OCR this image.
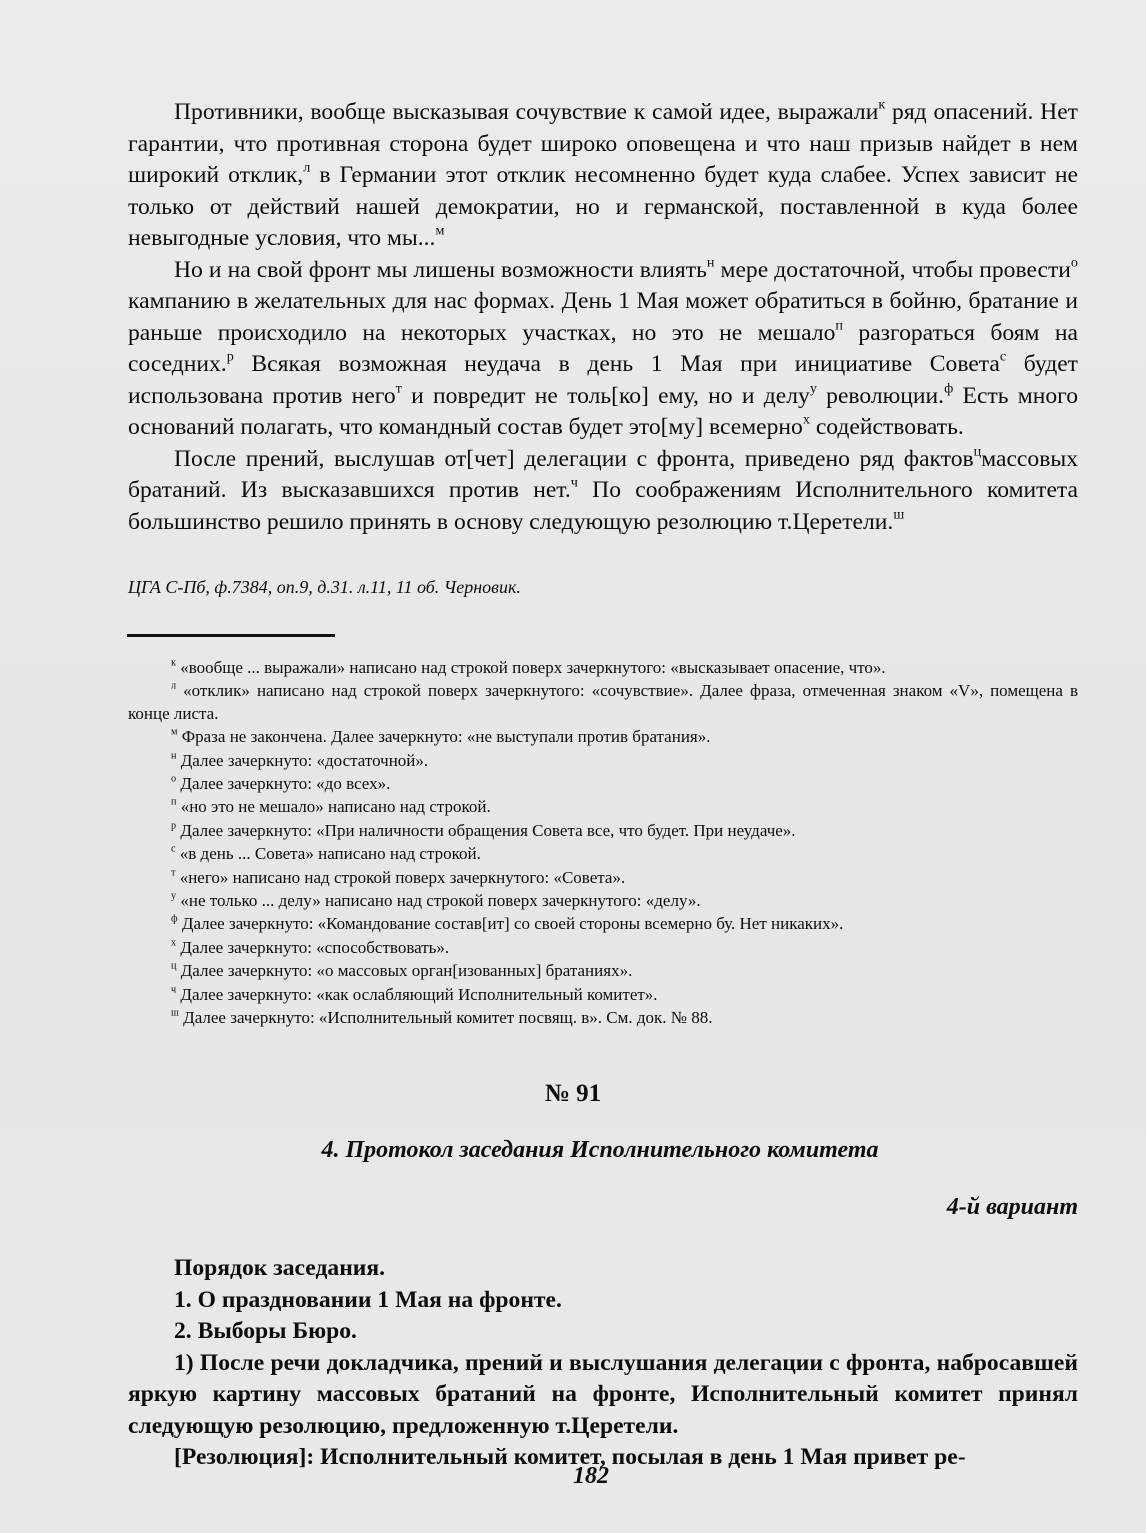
Противники, вообще высказывая сочувствие к самой идее, выражали$^к$ ряд опасений. Нет гарантии, что противная сторона будет широко оповещена и что наш призыв найдет в нем широкий отклик,$^л$ в Германии этот отклик несомненно будет куда слабее. Успех зависит не только от действий нашей демократии, но и германской, поставленной в куда более невыгодные условия, что мы...$^м$

Но и на свой фронт мы лишены возможности влиять$^н$ мере достаточной, чтобы провести$^о$ кампанию в желательных для нас формах. День 1 Мая может обратиться в бойню, братание и раньше происходило на некоторых участках, но это не мешало$^п$ разгораться боям на соседних.$^р$ Всякая возможная неудача в день 1 Мая при инициативе Совета$^с$ будет использована против него$^т$ и повредит не толь[ко] ему, но и делу$^у$ революции.$^ф$ Есть много оснований полагать, что командный состав будет это[му] всемерно$^х$ содействовать.

После прений, выслушав от[чет] делегации с фронта, приведено ряд фактов$^ц$массовых братаний. Из высказавшихся против нет.$^ч$ По соображениям Исполнительного комитета большинство решило принять в основу следующую резолюцию т.Церетели.$^ш$

ЦГА С-Пб, ф.7384, оп.9, д.31. л.11, 11 об. Черновик.

$^к$ «вообще ... выражали» написано над строкой поверх зачеркнутого: «высказывает опасение, что».

$^л$ «отклик» написано над строкой поверх зачеркнутого: «сочувствие». Далее фраза, отмеченная знаком «V», помещена в конце листа.

$^м$ Фраза не закончена. Далее зачеркнуто: «не выступали против братания».

$^н$ Далее зачеркнуто: «достаточной».

$^о$ Далее зачеркнуто: «до всех».

$^п$ «но это не мешало» написано над строкой.

$^р$ Далее зачеркнуто: «При наличности обращения Совета все, что будет. При неудаче».

$^с$ «в день ... Совета» написано над строкой.

$^т$ «него» написано над строкой поверх зачеркнутого: «Совета».

$^у$ «не только ... делу» написано над строкой поверх зачеркнутого: «делу».

$^ф$ Далее зачеркнуто: «Командование состав[ит] со своей стороны всемерно бу. Нет никаких».

$^х$ Далее зачеркнуто: «способствовать».

$^ц$ Далее зачеркнуто: «о массовых орган[изованных] братаниях».

$^ч$ Далее зачеркнуто: «как ослабляющий Исполнительный комитет».

$^ш$ Далее зачеркнуто: «Исполнительный комитет посвящ. в». См. док. № 88.

№ 91

4. Протокол заседания Исполнительного комитета

4-й вариант

Порядок заседания.

1. О праздновании 1 Мая на фронте.

2. Выборы Бюро.

1) После речи докладчика, прений и выслушания делегации с фронта, набросавшей яркую картину массовых братаний на фронте, Исполнительный комитет принял следующую резолюцию, предложенную т.Церетели.

[Резолюция]: Исполнительный комитет, посылая в день 1 Мая привет ре-

182
